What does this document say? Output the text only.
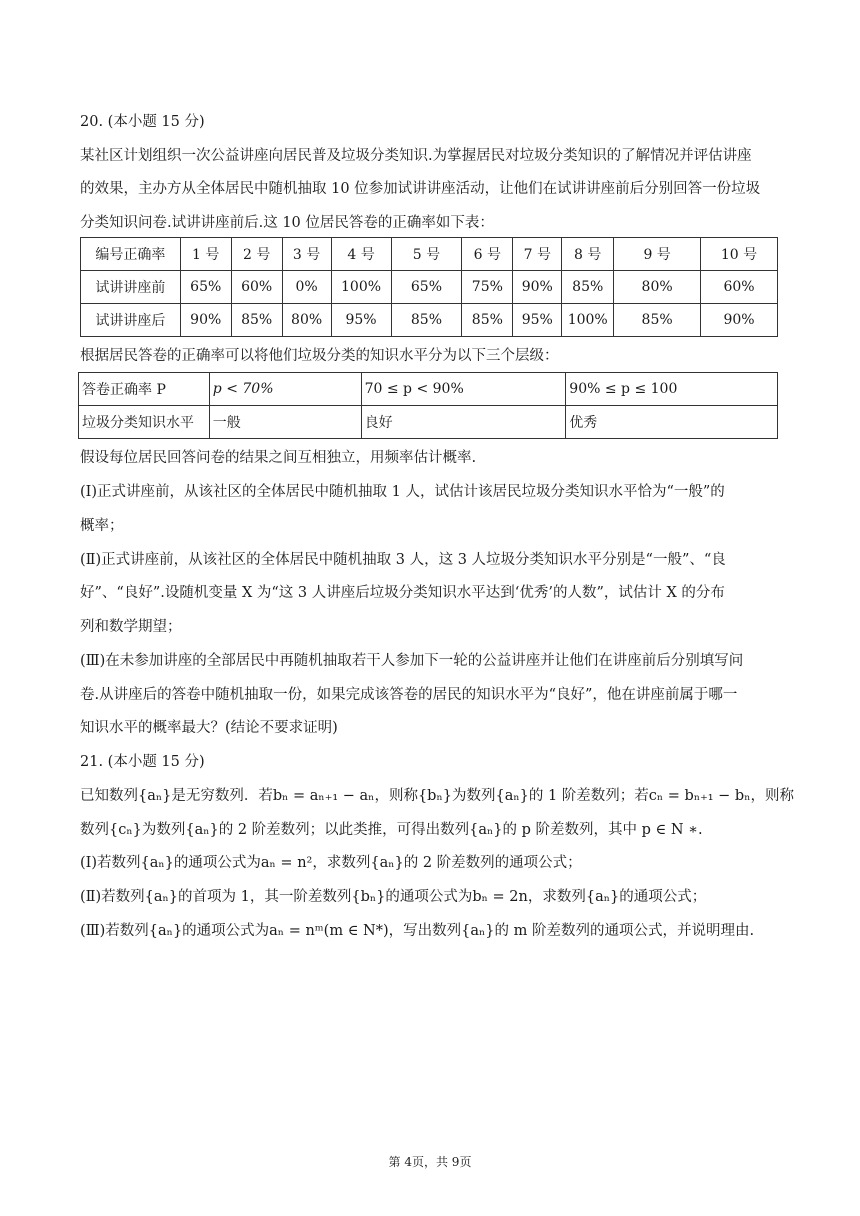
20. (本小题 15 分)
某社区计划组织一次公益讲座向居民普及垃圾分类知识.为掌握居民对垃圾分类知识的了解情况并评估讲座
的效果，主办方从全体居民中随机抽取 10 位参加试讲讲座活动，让他们在试讲讲座前后分别回答一份垃圾
分类知识问卷.试讲讲座前后.这 10 位居民答卷的正确率如下表：
编号正确率	1 号	2 号	3 号	4 号	5 号	6 号	7 号	8 号	9 号	10 号
试讲讲座前	65%	60%	0%	100%	65%	75%	90%	85%	80%	60%
试讲讲座后	90%	85%	80%	95%	85%	85%	95%	100%	85%	90%
根据居民答卷的正确率可以将他们垃圾分类的知识水平分为以下三个层级：
答卷正确率 P	p < 70%	70 ≤ p < 90%	90% ≤ p ≤ 100
垃圾分类知识水平	一般	良好	优秀
假设每位居民回答问卷的结果之间互相独立，用频率估计概率.
(Ⅰ)正式讲座前，从该社区的全体居民中随机抽取 1 人，试估计该居民垃圾分类知识水平恰为“一般”的
概率；
(Ⅱ)正式讲座前，从该社区的全体居民中随机抽取 3 人，这 3 人垃圾分类知识水平分别是“一般”、“良
好”、“良好”.设随机变量 X 为“这 3 人讲座后垃圾分类知识水平达到‘优秀’的人数”，试估计 X 的分布
列和数学期望；
(Ⅲ)在未参加讲座的全部居民中再随机抽取若干人参加下一轮的公益讲座并让他们在讲座前后分别填写问
卷.从讲座后的答卷中随机抽取一份，如果完成该答卷的居民的知识水平为“良好”，他在讲座前属于哪一
知识水平的概率最大？(结论不要求证明)
21. (本小题 15 分)
已知数列{aₙ}是无穷数列．若bₙ = aₙ₊₁ − aₙ，则称{bₙ}为数列{aₙ}的 1 阶差数列；若cₙ = bₙ₊₁ − bₙ，则称
数列{cₙ}为数列{aₙ}的 2 阶差数列；以此类推，可得出数列{aₙ}的 p 阶差数列，其中 p ∈ N ∗.
(Ⅰ)若数列{aₙ}的通项公式为aₙ = n²，求数列{aₙ}的 2 阶差数列的通项公式；
(Ⅱ)若数列{aₙ}的首项为 1，其一阶差数列{bₙ}的通项公式为bₙ = 2n，求数列{aₙ}的通项公式；
(Ⅲ)若数列{aₙ}的通项公式为aₙ = nᵐ(m ∈ N*)，写出数列{aₙ}的 m 阶差数列的通项公式，并说明理由.
第 4页，共 9页
